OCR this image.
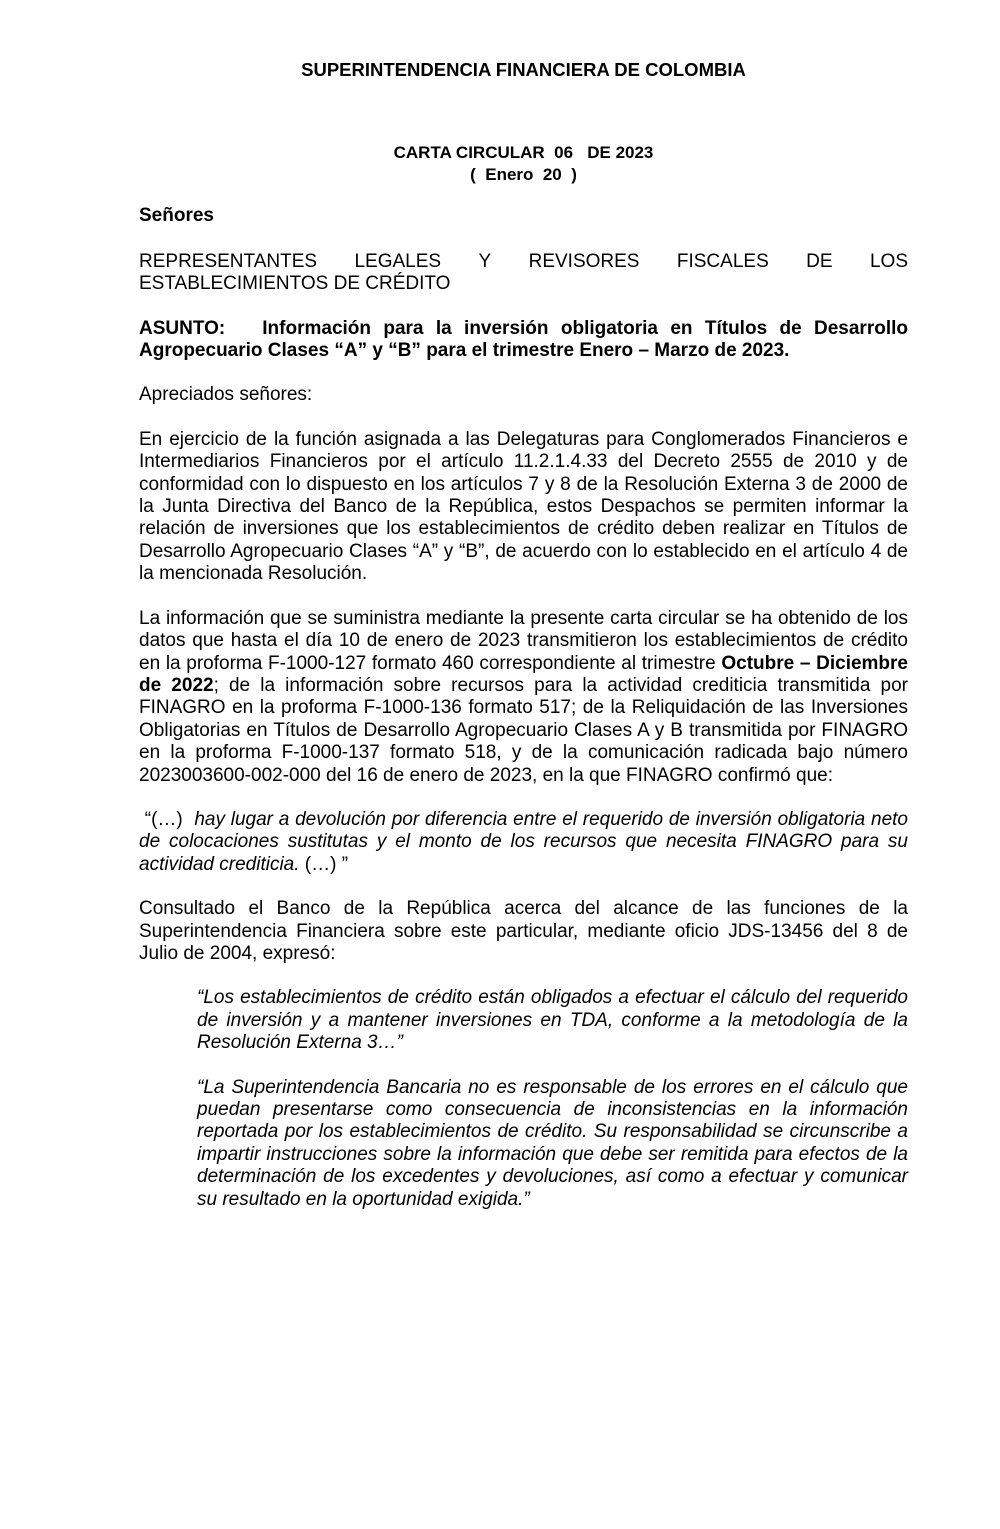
SUPERINTENDENCIA FINANCIERA DE COLOMBIA
CARTA CIRCULAR  06   DE 2023
(  Enero  20  )
Señores
REPRESENTANTES LEGALES Y REVISORES FISCALES DE LOS
ESTABLECIMIENTOS DE CRÉDITO
ASUNTO:   Información para la inversión obligatoria en Títulos de Desarrollo Agropecuario Clases “A” y “B” para el trimestre Enero – Marzo de 2023.
Apreciados señores:
En ejercicio de la función asignada a las Delegaturas para Conglomerados Financieros e Intermediarios Financieros por el artículo 11.2.1.4.33 del Decreto 2555 de 2010 y de conformidad con lo dispuesto en los artículos 7 y 8 de la Resolución Externa 3 de 2000 de la Junta Directiva del Banco de la República, estos Despachos se permiten informar la relación de inversiones que los establecimientos de crédito deben realizar en Títulos de Desarrollo Agropecuario Clases “A” y “B”, de acuerdo con lo establecido en el artículo 4 de la mencionada Resolución.
La información que se suministra mediante la presente carta circular se ha obtenido de los datos que hasta el día 10 de enero de 2023 transmitieron los establecimientos de crédito en la proforma F-1000-127 formato 460 correspondiente al trimestre Octubre – Diciembre de 2022; de la información sobre recursos para la actividad crediticia transmitida por FINAGRO en la proforma F-1000-136 formato 517; de la Reliquidación de las Inversiones Obligatorias en Títulos de Desarrollo Agropecuario Clases A y B transmitida por FINAGRO en la proforma F-1000-137 formato 518, y de la comunicación radicada bajo número 2023003600-002-000 del 16 de enero de 2023, en la que FINAGRO confirmó que:
“(…)  hay lugar a devolución por diferencia entre el requerido de inversión obligatoria neto de colocaciones sustitutas y el monto de los recursos que necesita FINAGRO para su actividad crediticia. (…) ”
Consultado el Banco de la República acerca del alcance de las funciones de la Superintendencia Financiera sobre este particular, mediante oficio JDS-13456 del 8 de Julio de 2004, expresó:
“Los establecimientos de crédito están obligados a efectuar el cálculo del requerido de inversión y a mantener inversiones en TDA, conforme a la metodología de la Resolución Externa 3…”
“La Superintendencia Bancaria no es responsable de los errores en el cálculo que puedan presentarse como consecuencia de inconsistencias en la información reportada por los establecimientos de crédito. Su responsabilidad se circunscribe a impartir instrucciones sobre la información que debe ser remitida para efectos de la determinación de los excedentes y devoluciones, así como a efectuar y comunicar su resultado en la oportunidad exigida.”
